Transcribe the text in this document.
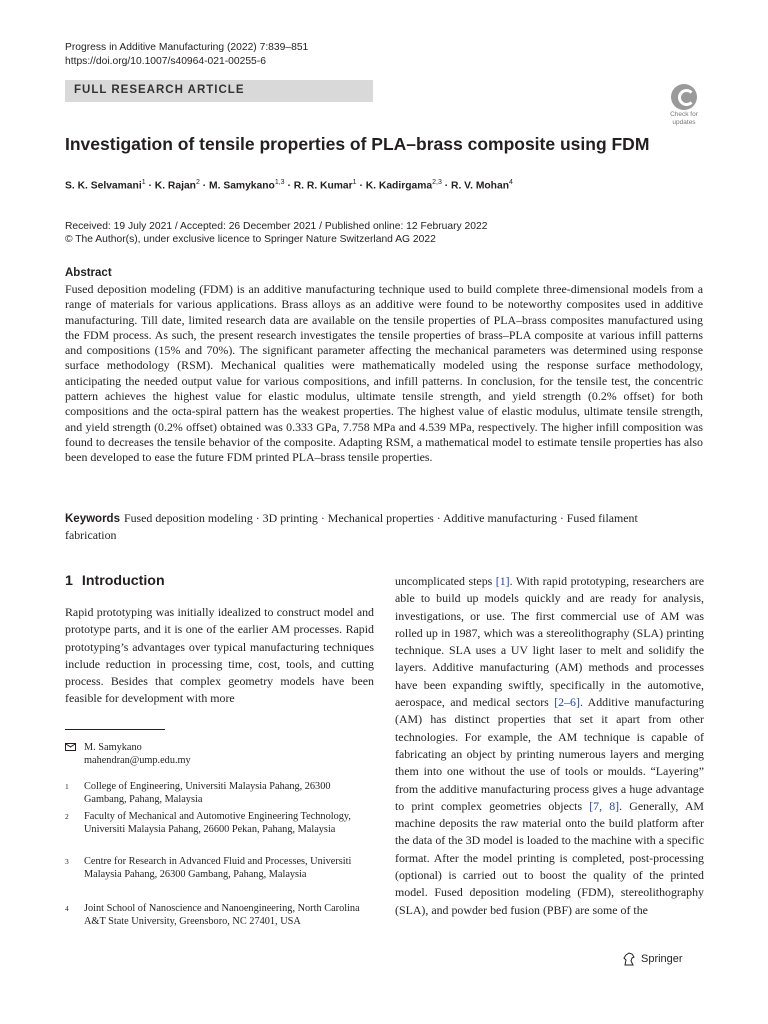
Progress in Additive Manufacturing (2022) 7:839–851
https://doi.org/10.1007/s40964-021-00255-6
FULL RESEARCH ARTICLE
Check for
updates
Investigation of tensile properties of PLA–brass composite using FDM
S. K. Selvamani$^1$ · K. Rajan$^2$ · M. Samykano$^{1,3}$ · R. R. Kumar$^1$ · K. Kadirgama$^{2,3}$ · R. V. Mohan$^4$
Received: 19 July 2021 / Accepted: 26 December 2021 / Published online: 12 February 2022
© The Author(s), under exclusive licence to Springer Nature Switzerland AG 2022
Abstract
Fused deposition modeling (FDM) is an additive manufacturing technique used to build complete three-dimensional models from a range of materials for various applications. Brass alloys as an additive were found to be noteworthy composites used in additive manufacturing. Till date, limited research data are available on the tensile properties of PLA–brass composites manufactured using the FDM process. As such, the present research investigates the tensile properties of brass–PLA composite at various infill patterns and compositions (15% and 70%). The significant parameter affecting the mechanical parameters was determined using response surface methodology (RSM). Mechanical qualities were mathematically modeled using the response surface methodology, anticipating the needed output value for various compositions, and infill patterns. In conclusion, for the tensile test, the concentric pattern achieves the highest value for elastic modulus, ultimate tensile strength, and yield strength (0.2% offset) for both compositions and the octa-spiral pattern has the weakest properties. The highest value of elastic modulus, ultimate tensile strength, and yield strength (0.2% offset) obtained was 0.333 GPa, 7.758 MPa and 4.539 MPa, respectively. The higher infill composition was found to decreases the tensile behavior of the composite. Adapting RSM, a mathematical model to estimate tensile properties has also been developed to ease the future FDM printed PLA–brass tensile properties.
Keywords Fused deposition modeling · 3D printing · Mechanical properties · Additive manufacturing · Fused filament fabrication
1 Introduction
Rapid prototyping was initially idealized to construct model and prototype parts, and it is one of the earlier AM processes. Rapid prototyping’s advantages over typical manufacturing techniques include reduction in processing time, cost, tools, and cutting process. Besides that complex geometry models have been feasible for development with more
M. Samykano
mahendran@ump.edu.my
1 College of Engineering, Universiti Malaysia Pahang, 26300 Gambang, Pahang, Malaysia
2 Faculty of Mechanical and Automotive Engineering Technology, Universiti Malaysia Pahang, 26600 Pekan, Pahang, Malaysia
3 Centre for Research in Advanced Fluid and Processes, Universiti Malaysia Pahang, 26300 Gambang, Pahang, Malaysia
4 Joint School of Nanoscience and Nanoengineering, North Carolina A&T State University, Greensboro, NC 27401, USA
uncomplicated steps [1]. With rapid prototyping, researchers are able to build up models quickly and are ready for analysis, investigations, or use. The first commercial use of AM was rolled up in 1987, which was a stereolithography (SLA) printing technique. SLA uses a UV light laser to melt and solidify the layers. Additive manufacturing (AM) methods and processes have been expanding swiftly, specifically in the automotive, aerospace, and medical sectors [2–6]. Additive manufacturing (AM) has distinct properties that set it apart from other technologies. For example, the AM technique is capable of fabricating an object by printing numerous layers and merging them into one without the use of tools or moulds. “Layering” from the additive manufacturing process gives a huge advantage to print complex geometries objects [7, 8]. Generally, AM machine deposits the raw material onto the build platform after the data of the 3D model is loaded to the machine with a specific format. After the model printing is completed, post-processing (optional) is carried out to boost the quality of the printed model. Fused deposition modeling (FDM), stereolithography (SLA), and powder bed fusion (PBF) are some of the
Springer
